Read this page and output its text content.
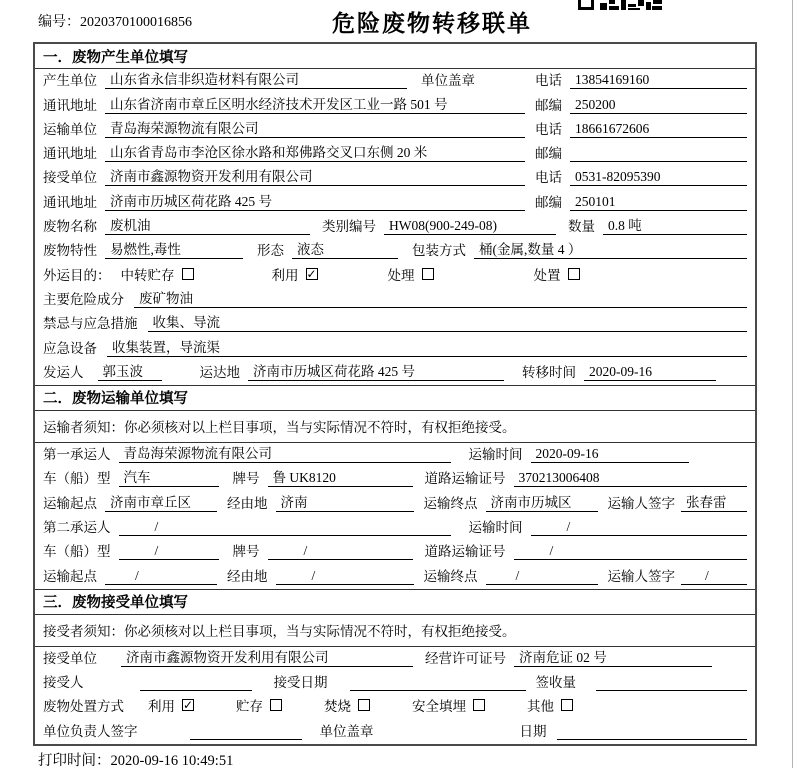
编号：2020370100016856	危险废物转移联单
一．废物产生单位填写
产生单位 山东省永信非织造材料有限公司	单位盖章	电话 13854169160
通讯地址 山东省济南市章丘区明水经济技术开发区工业一路 501 号	邮编 250200
运输单位 青岛海荣源物流有限公司	电话 18661672606
通讯地址 山东省青岛市李沧区徐水路和郑佛路交叉口东侧 20 米	邮编
接受单位 济南市鑫源物资开发利用有限公司	电话 0531-82095390
通讯地址 济南市历城区荷花路 425 号	邮编 250101
废物名称 废机油	类别编号 HW08(900-249-08)	数量 0.8 吨
废物特性 易燃性,毒性	形态 液态	包装方式 桶(金属,数量 4 ）
外运目的： 中转贮存	利用 ✓	处理	处置
主要危险成分	废矿物油
禁忌与应急措施	收集、导流
应急设备	收集装置，导流渠
发运人	郭玉波	运达地 济南市历城区荷花路 425 号	转移时间 2020-09-16
二．废物运输单位填写
运输者须知：你必须核对以上栏目事项，当与实际情况不符时，有权拒绝接受。
第一承运人 青岛海荣源物流有限公司	运输时间 2020-09-16
车（船）型 汽车	牌号 鲁 UK8120	道路运输证号 370213006408
运输起点 济南市章丘区	经由地 济南	运输终点 济南市历城区	运输人签字 张春雷
第二承运人	/	运输时间	/
车（船）型	/	牌号	/	道路运输证号	/
运输起点	/	经由地	/	运输终点	/	运输人签字	/
三．废物接受单位填写
接受者须知：你必须核对以上栏目事项，当与实际情况不符时，有权拒绝接受。
接受单位	济南市鑫源物资开发利用有限公司	经营许可证号 济南危证 02 号
接受人	接受日期	签收量
废物处置方式 利用 ✓	贮存	焚烧	安全填埋	其他
单位负责人签字	单位盖章	日期
打印时间：2020-09-16 10:49:51
